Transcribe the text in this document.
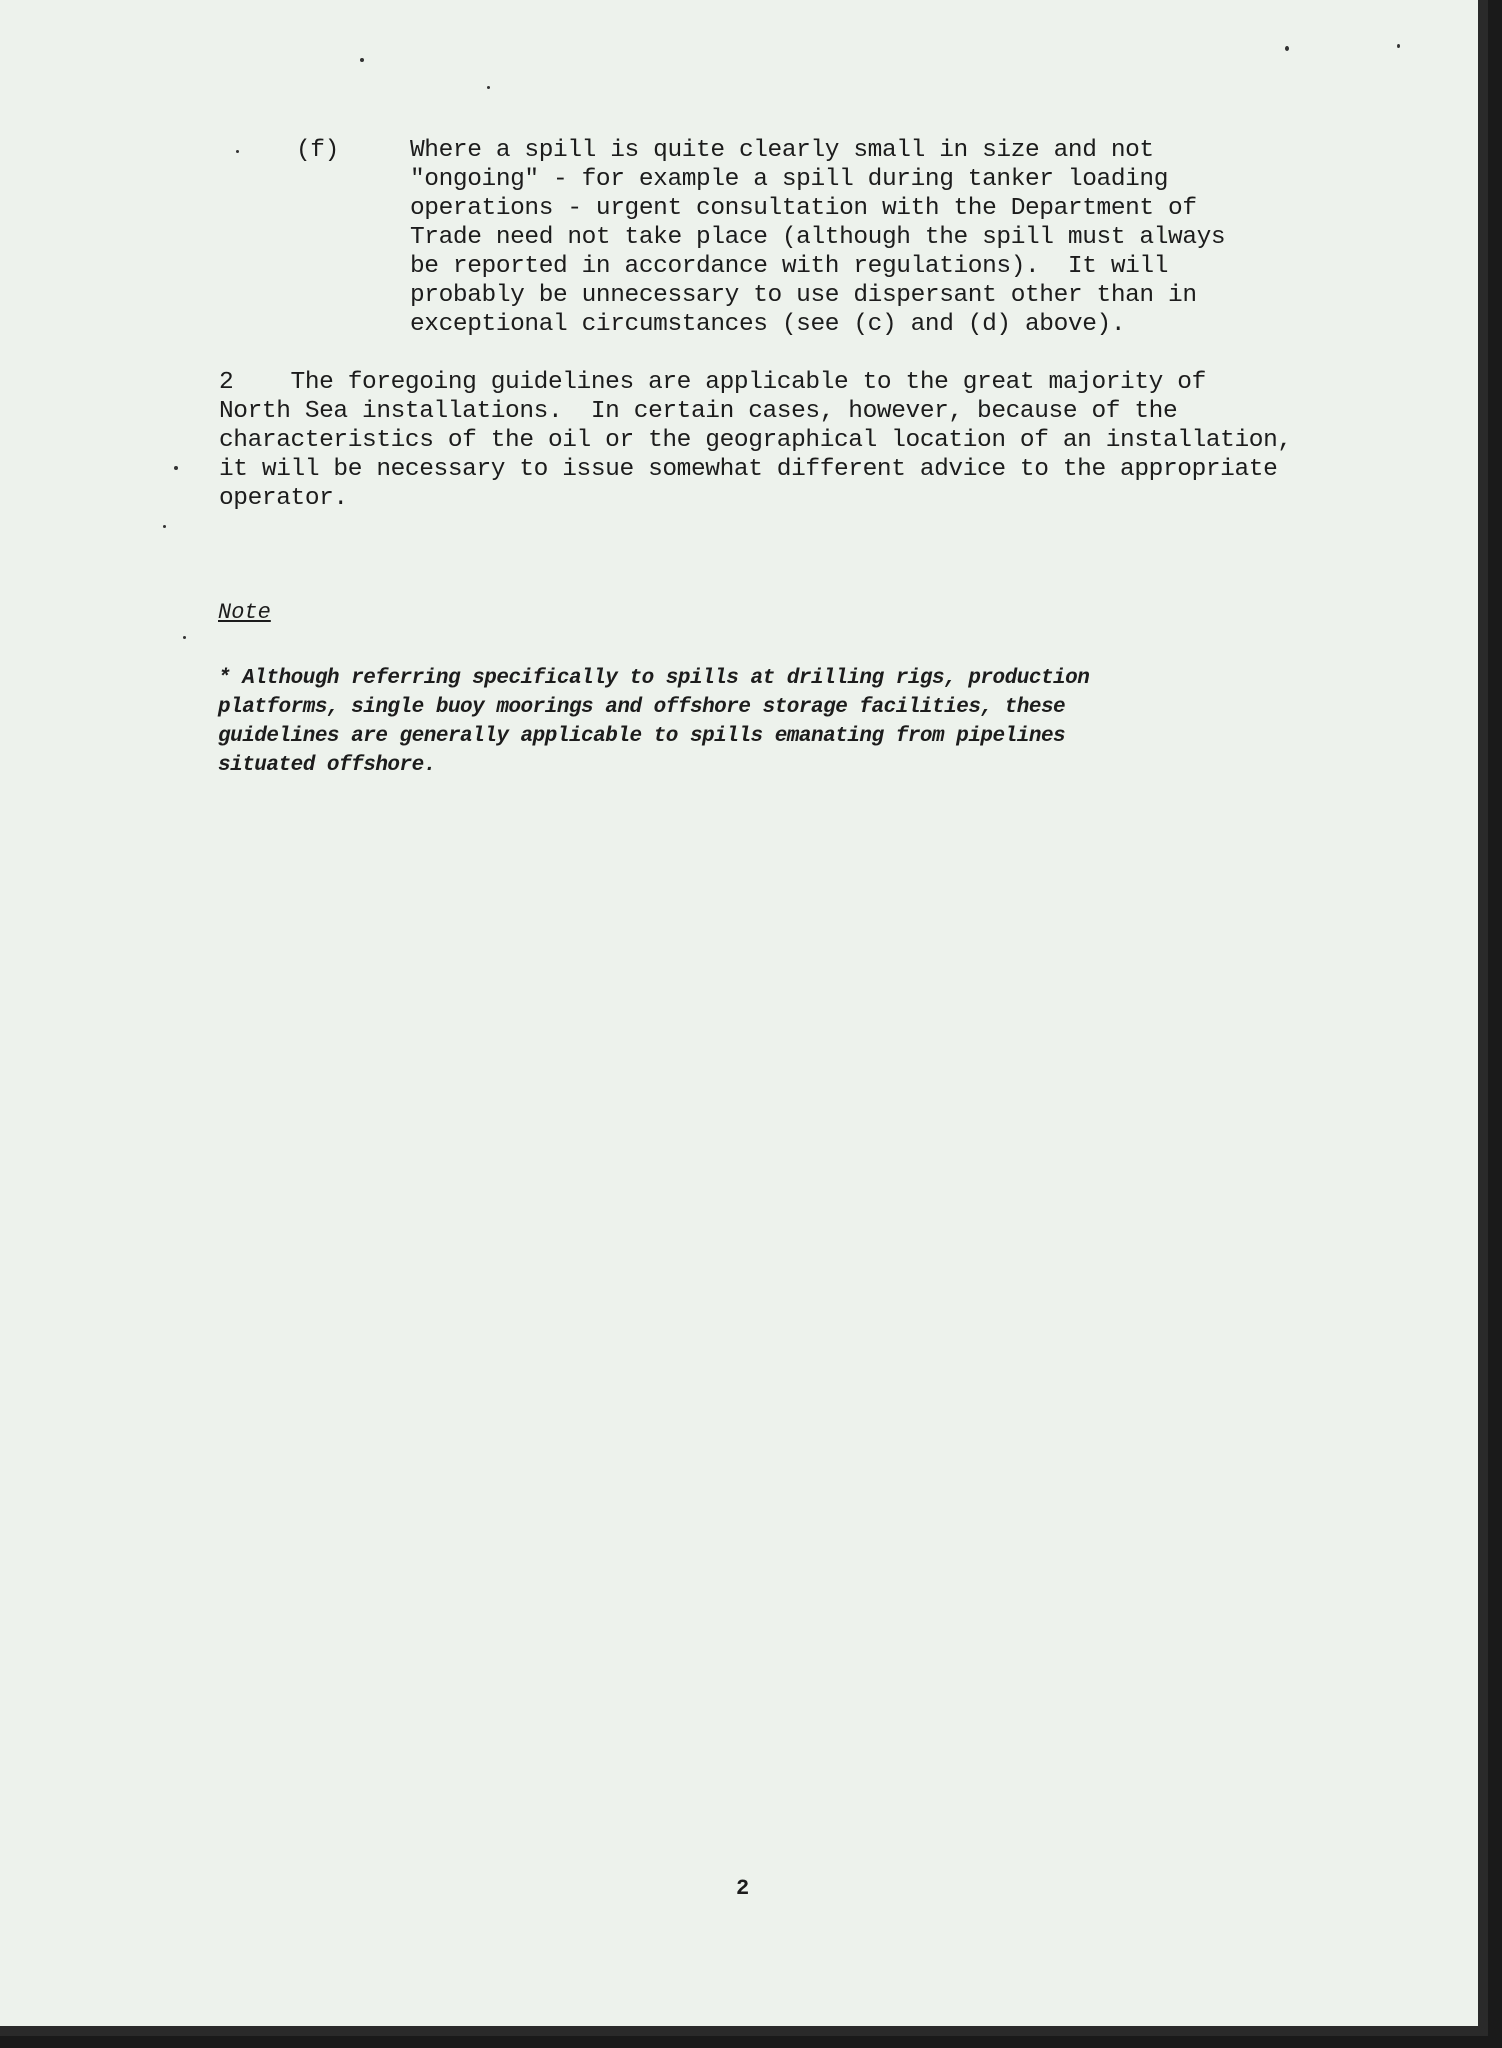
(f)	Where a spill is quite clearly small in size and not
"ongoing" - for example a spill during tanker loading
operations - urgent consultation with the Department of
Trade need not take place (although the spill must always
be reported in accordance with regulations).  It will
probably be unnecessary to use dispersant other than in
exceptional circumstances (see (c) and (d) above).
2    The foregoing guidelines are applicable to the great majority of
North Sea installations.  In certain cases, however, because of the
characteristics of the oil or the geographical location of an installation,
it will be necessary to issue somewhat different advice to the appropriate
operator.
Note
* Although referring specifically to spills at drilling rigs, production
platforms, single buoy moorings and offshore storage facilities, these
guidelines are generally applicable to spills emanating from pipelines
situated offshore.
2
